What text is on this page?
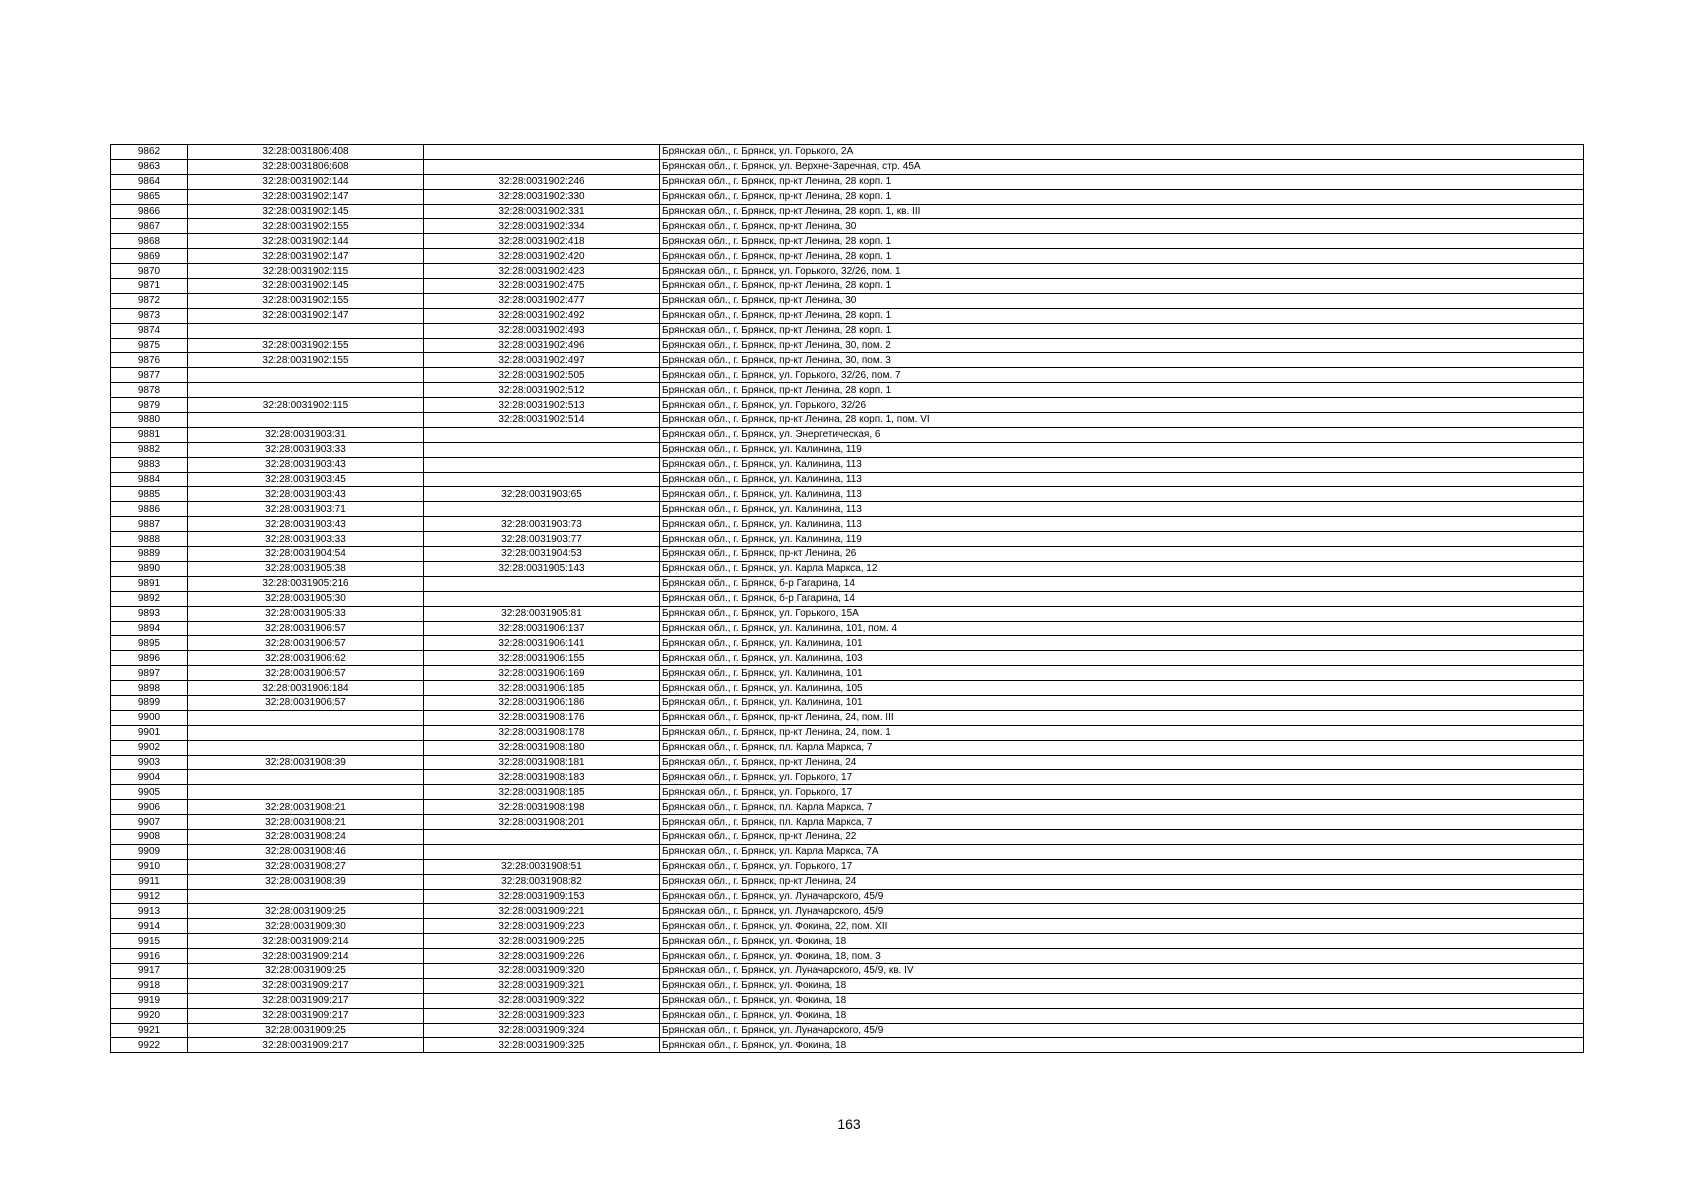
9862	32:28:0031806:408		Брянская обл., г. Брянск, ул. Горького, 2А
9863	32:28:0031806:608		Брянская обл., г. Брянск, ул. Верхне-Заречная, стр. 45А
9864	32:28:0031902:144	32:28:0031902:246	Брянская обл., г. Брянск, пр-кт Ленина, 28 корп. 1
9865	32:28:0031902:147	32:28:0031902:330	Брянская обл., г. Брянск, пр-кт Ленина, 28 корп. 1
9866	32:28:0031902:145	32:28:0031902:331	Брянская обл., г. Брянск, пр-кт Ленина, 28 корп. 1, кв. III
9867	32:28:0031902:155	32:28:0031902:334	Брянская обл., г. Брянск, пр-кт Ленина, 30
9868	32:28:0031902:144	32:28:0031902:418	Брянская обл., г. Брянск, пр-кт Ленина, 28 корп. 1
9869	32:28:0031902:147	32:28:0031902:420	Брянская обл., г. Брянск, пр-кт Ленина, 28 корп. 1
9870	32:28:0031902:115	32:28:0031902:423	Брянская обл., г. Брянск, ул. Горького, 32/26, пом. 1
9871	32:28:0031902:145	32:28:0031902:475	Брянская обл., г. Брянск, пр-кт Ленина, 28 корп. 1
9872	32:28:0031902:155	32:28:0031902:477	Брянская обл., г. Брянск, пр-кт Ленина, 30
9873	32:28:0031902:147	32:28:0031902:492	Брянская обл., г. Брянск, пр-кт Ленина, 28 корп. 1
9874		32:28:0031902:493	Брянская обл., г. Брянск, пр-кт Ленина, 28 корп. 1
9875	32:28:0031902:155	32:28:0031902:496	Брянская обл., г. Брянск, пр-кт Ленина, 30, пом. 2
9876	32:28:0031902:155	32:28:0031902:497	Брянская обл., г. Брянск, пр-кт Ленина, 30, пом. 3
9877		32:28:0031902:505	Брянская обл., г. Брянск, ул. Горького, 32/26, пом. 7
9878		32:28:0031902:512	Брянская обл., г. Брянск, пр-кт Ленина, 28 корп. 1
9879	32:28:0031902:115	32:28:0031902:513	Брянская обл., г. Брянск, ул. Горького, 32/26
9880		32:28:0031902:514	Брянская обл., г. Брянск, пр-кт Ленина, 28 корп. 1, пом. VI
9881	32:28:0031903:31		Брянская обл., г. Брянск, ул. Энергетическая, 6
9882	32:28:0031903:33		Брянская обл., г. Брянск, ул. Калинина, 119
9883	32:28:0031903:43		Брянская обл., г. Брянск, ул. Калинина, 113
9884	32:28:0031903:45		Брянская обл., г. Брянск, ул. Калинина, 113
9885	32:28:0031903:43	32:28:0031903:65	Брянская обл., г. Брянск, ул. Калинина, 113
9886	32:28:0031903:71		Брянская обл., г. Брянск, ул. Калинина, 113
9887	32:28:0031903:43	32:28:0031903:73	Брянская обл., г. Брянск, ул. Калинина, 113
9888	32:28:0031903:33	32:28:0031903:77	Брянская обл., г. Брянск, ул. Калинина, 119
9889	32:28:0031904:54	32:28:0031904:53	Брянская обл., г. Брянск, пр-кт Ленина, 26
9890	32:28:0031905:38	32:28:0031905:143	Брянская обл., г. Брянск, ул. Карла Маркса, 12
9891	32:28:0031905:216		Брянская обл., г. Брянск, б-р Гагарина, 14
9892	32:28:0031905:30		Брянская обл., г. Брянск, б-р Гагарина, 14
9893	32:28:0031905:33	32:28:0031905:81	Брянская обл., г. Брянск, ул. Горького, 15А
9894	32:28:0031906:57	32:28:0031906:137	Брянская обл., г. Брянск, ул. Калинина, 101, пом. 4
9895	32:28:0031906:57	32:28:0031906:141	Брянская обл., г. Брянск, ул. Калинина, 101
9896	32:28:0031906:62	32:28:0031906:155	Брянская обл., г. Брянск, ул. Калинина, 103
9897	32:28:0031906:57	32:28:0031906:169	Брянская обл., г. Брянск, ул. Калинина, 101
9898	32:28:0031906:184	32:28:0031906:185	Брянская обл., г. Брянск, ул. Калинина, 105
9899	32:28:0031906:57	32:28:0031906:186	Брянская обл., г. Брянск, ул. Калинина, 101
9900		32:28:0031908:176	Брянская обл., г. Брянск, пр-кт Ленина, 24, пом. III
9901		32:28:0031908:178	Брянская обл., г. Брянск, пр-кт Ленина, 24, пом. 1
9902		32:28:0031908:180	Брянская обл., г. Брянск, пл. Карла Маркса, 7
9903	32:28:0031908:39	32:28:0031908:181	Брянская обл., г. Брянск, пр-кт Ленина, 24
9904		32:28:0031908:183	Брянская обл., г. Брянск, ул. Горького, 17
9905		32:28:0031908:185	Брянская обл., г. Брянск, ул. Горького, 17
9906	32:28:0031908:21	32:28:0031908:198	Брянская обл., г. Брянск, пл. Карла Маркса, 7
9907	32:28:0031908:21	32:28:0031908:201	Брянская обл., г. Брянск, пл. Карла Маркса, 7
9908	32:28:0031908:24		Брянская обл., г. Брянск, пр-кт Ленина, 22
9909	32:28:0031908:46		Брянская обл., г. Брянск, ул. Карла Маркса, 7А
9910	32:28:0031908:27	32:28:0031908:51	Брянская обл., г. Брянск, ул. Горького, 17
9911	32:28:0031908:39	32:28:0031908:82	Брянская обл., г. Брянск, пр-кт Ленина, 24
9912		32:28:0031909:153	Брянская обл., г. Брянск, ул. Луначарского, 45/9
9913	32:28:0031909:25	32:28:0031909:221	Брянская обл., г. Брянск, ул. Луначарского, 45/9
9914	32:28:0031909:30	32:28:0031909:223	Брянская обл., г. Брянск, ул. Фокина, 22, пом. XII
9915	32:28:0031909:214	32:28:0031909:225	Брянская обл., г. Брянск, ул. Фокина, 18
9916	32:28:0031909:214	32:28:0031909:226	Брянская обл., г. Брянск, ул. Фокина, 18, пом. 3
9917	32:28:0031909:25	32:28:0031909:320	Брянская обл., г. Брянск, ул. Луначарского, 45/9, кв. IV
9918	32:28:0031909:217	32:28:0031909:321	Брянская обл., г. Брянск, ул. Фокина, 18
9919	32:28:0031909:217	32:28:0031909:322	Брянская обл., г. Брянск, ул. Фокина, 18
9920	32:28:0031909:217	32:28:0031909:323	Брянская обл., г. Брянск, ул. Фокина, 18
9921	32:28:0031909:25	32:28:0031909:324	Брянская обл., г. Брянск, ул. Луначарского, 45/9
9922	32:28:0031909:217	32:28:0031909:325	Брянская обл., г. Брянск, ул. Фокина, 18
163
